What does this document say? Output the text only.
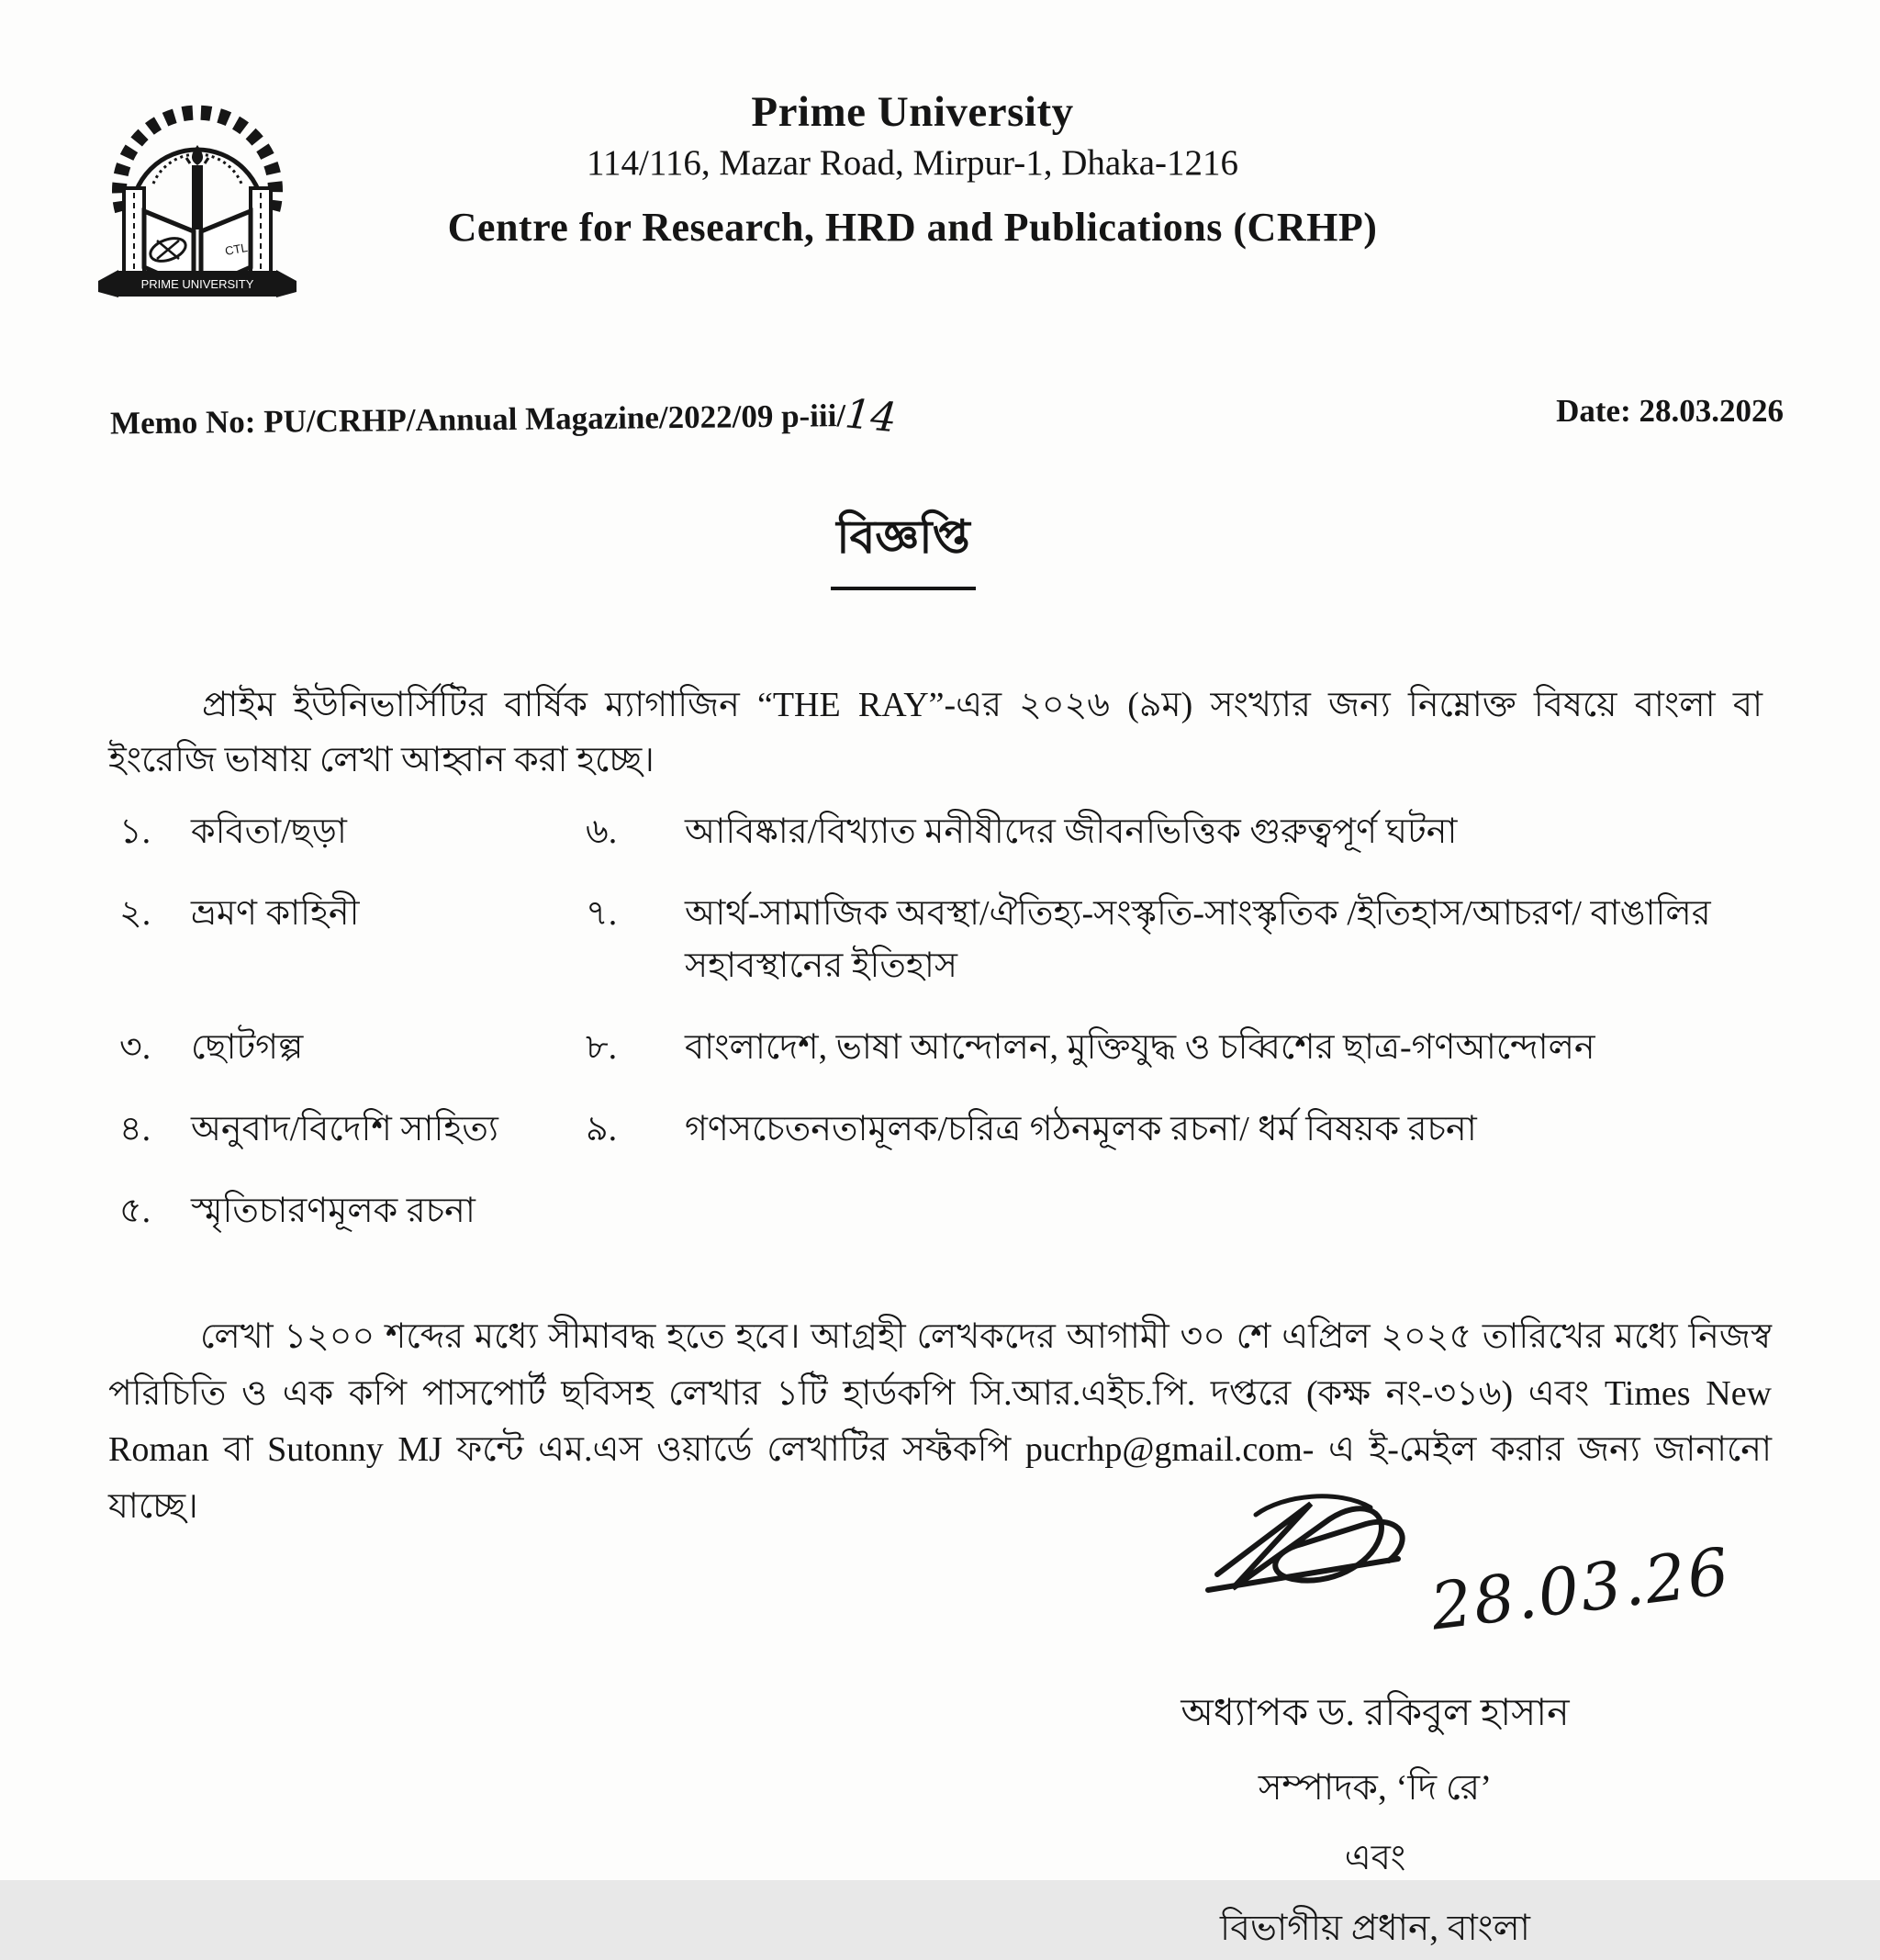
CTL
PRIME UNIVERSITY
Prime University
114/116, Mazar Road, Mirpur-1, Dhaka-1216
Centre for Research, HRD and Publications (CRHP)
Memo No: PU/CRHP/Annual Magazine/2022/09 p-iii/14	Date: 28.03.2026
বিজ্ঞপ্তি

প্রাইম ইউনিভার্সিটির বার্ষিক ম্যাগাজিন “THE RAY”-এর ২০২৬ (৯ম) সংখ্যার জন্য নিম্নোক্ত বিষয়ে বাংলা বা ইংরেজি ভাষায় লেখা আহ্বান করা হচ্ছে।

১.	কবিতা/ছড়া	৬.	আবিষ্কার/বিখ্যাত মনীষীদের জীবনভিত্তিক গুরুত্বপূর্ণ ঘটনা
২.	ভ্রমণ কাহিনী	৭.	আর্থ-সামাজিক অবস্থা/ঐতিহ্য-সংস্কৃতি-সাংস্কৃতিক /ইতিহাস/আচরণ/ বাঙালির সহাবস্থানের ইতিহাস
৩.	ছোটগল্প	৮.	বাংলাদেশ, ভাষা আন্দোলন, মুক্তিযুদ্ধ ও চব্বিশের ছাত্র-গণআন্দোলন
৪.	অনুবাদ/বিদেশি সাহিত্য	৯.	গণসচেতনতামূলক/চরিত্র গঠনমূলক রচনা/ ধর্ম বিষয়ক রচনা
৫.	স্মৃতিচারণমূলক রচনা

লেখা ১২০০ শব্দের মধ্যে সীমাবদ্ধ হতে হবে। আগ্রহী লেখকদের আগামী ৩০ শে এপ্রিল ২০২৫ তারিখের মধ্যে নিজস্ব পরিচিতি ও এক কপি পাসপোর্ট ছবিসহ লেখার ১টি হার্ডকপি সি.আর.এইচ.পি. দপ্তরে (কক্ষ নং-৩১৬) এবং Times New Roman বা Sutonny MJ ফন্টে এম.এস ওয়ার্ডে লেখাটির সফ্টকপি pucrhp@gmail.com- এ ই-মেইল করার জন্য জানানো যাচ্ছে।

28.03.26
অধ্যাপক ড. রকিবুল হাসান
সম্পাদক, ‘দি রে’
এবং
বিভাগীয় প্রধান, বাংলা
